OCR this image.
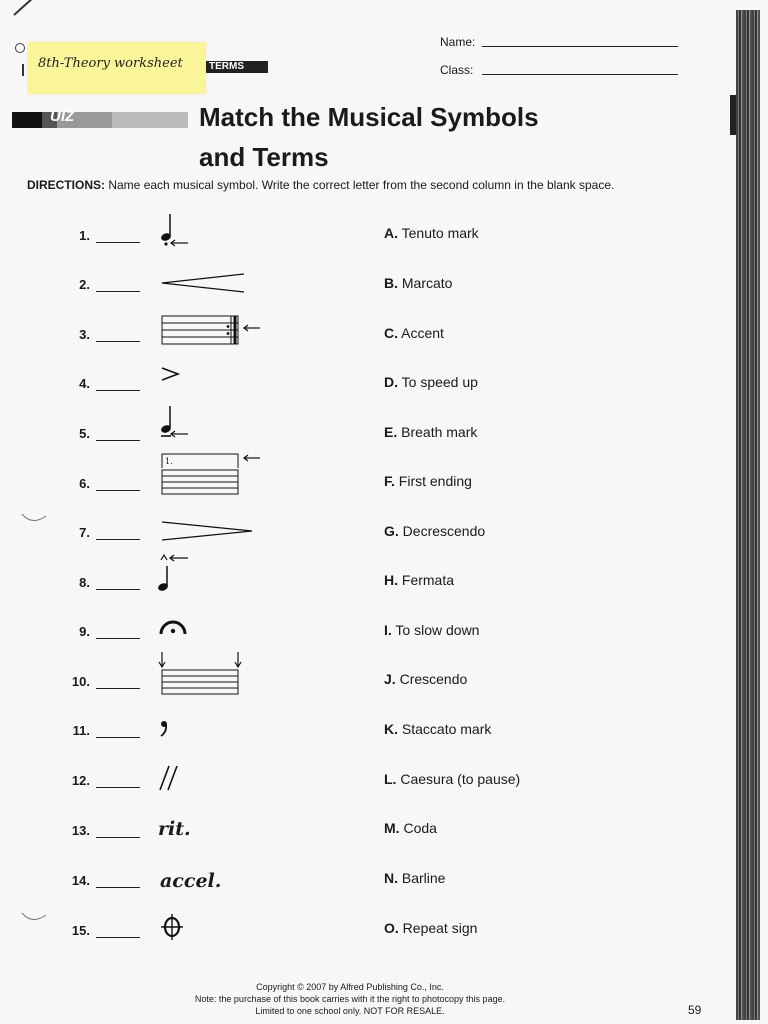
TERMS
8th-Theory worksheet
Name:
Class:
UIZ	Match the Musical Symbols
and Terms
DIRECTIONS: Name each musical symbol. Write the correct letter from the second column in the blank space.
1.
2.
3.
4.
5.
6.
7.
8.
9.
10.
11.
12.
13.
14.
15.
A. Tenuto mark
B. Marcato
C. Accent
D. To speed up
E. Breath mark
F. First ending
G. Decrescendo
H. Fermata
I. To slow down
J. Crescendo
K. Staccato mark
L. Caesura (to pause)
M. Coda
N. Barline
O. Repeat sign
1.
rit.
accel.
Copyright © 2007 by Alfred Publishing Co., Inc.
Note: the purchase of this book carries with it the right to photocopy this page.
Limited to one school only. NOT FOR RESALE.	59
